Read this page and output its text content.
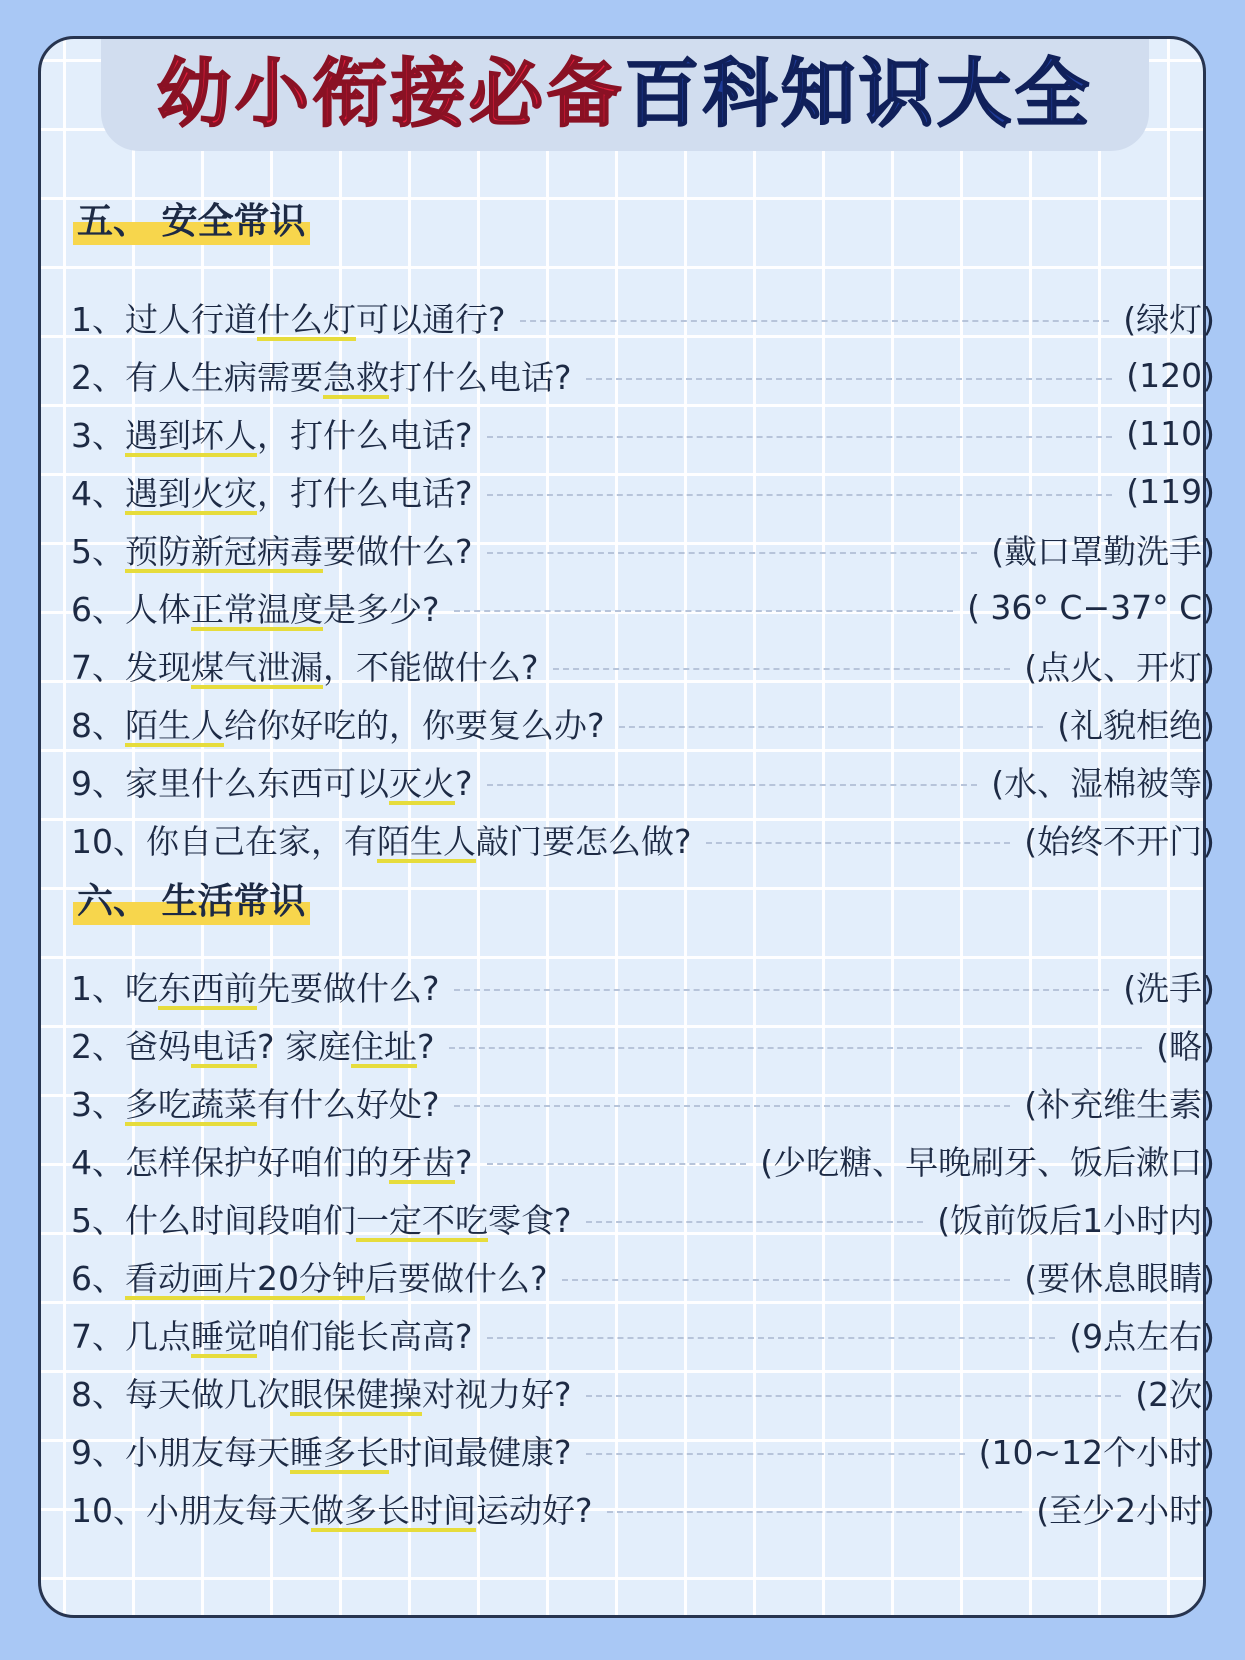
幼小衔接必备百科知识大全
五、 安全常识
1、过人行道什么灯可以通行?	(绿灯)
2、有人生病需要急救打什么电话?	(120)
3、遇到坏人，打什么电话?	(110)
4、遇到火灾，打什么电话?	(119)
5、预防新冠病毒要做什么?	(戴口罩勤洗手)
6、人体正常温度是多少?	( 36° C−37° C)
7、发现煤气泄漏，不能做什么?	(点火、开灯)
8、陌生人给你好吃的，你要复么办?	(礼貌柜绝)
9、家里什么东西可以灭火?	(水、湿棉被等)
10、你自己在家，有陌生人敲门要怎么做?	(始终不开门)
六、 生活常识
1、吃东西前先要做什么?	(洗手)
2、爸妈电话? 家庭住址?	(略)
3、多吃蔬菜有什么好处?	(补充维生素)
4、怎样保护好咱们的牙齿?	(少吃糖、早晚刷牙、饭后漱口)
5、什么时间段咱们一定不吃零食?	(饭前饭后1小时内)
6、看动画片20分钟后要做什么?	(要休息眼睛)
7、几点睡觉咱们能长高高?	(9点左右)
8、每天做几次眼保健操对视力好?	(2次)
9、小朋友每天睡多长时间最健康?	(10~12个小时)
10、小朋友每天做多长时间运动好?	(至少2小时)
